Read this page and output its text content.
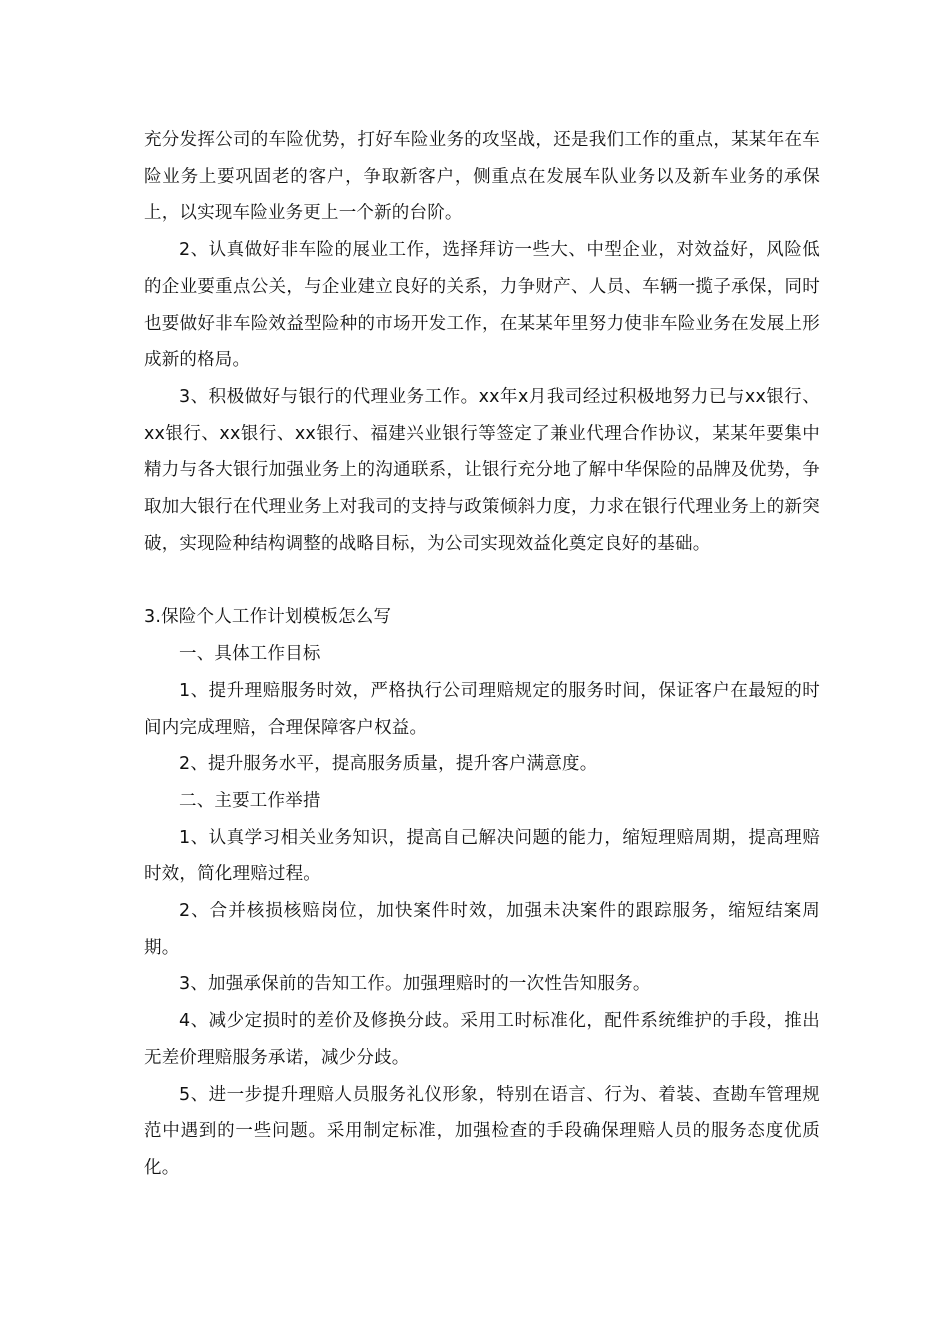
充分发挥公司的车险优势，打好车险业务的攻坚战，还是我们工作的重点，某某年在车险业务上要巩固老的客户，争取新客户，侧重点在发展车队业务以及新车业务的承保上，以实现车险业务更上一个新的台阶。

2、认真做好非车险的展业工作，选择拜访一些大、中型企业，对效益好，风险低的企业要重点公关，与企业建立良好的关系，力争财产、人员、车辆一揽子承保，同时也要做好非车险效益型险种的市场开发工作，在某某年里努力使非车险业务在发展上形成新的格局。

3、积极做好与银行的代理业务工作。xx年x月我司经过积极地努力已与xx银行、xx银行、xx银行、xx银行、福建兴业银行等签定了兼业代理合作协议，某某年要集中精力与各大银行加强业务上的沟通联系，让银行充分地了解中华保险的品牌及优势，争取加大银行在代理业务上对我司的支持与政策倾斜力度，力求在银行代理业务上的新突破，实现险种结构调整的战略目标，为公司实现效益化奠定良好的基础。

3.保险个人工作计划模板怎么写

一、具体工作目标

1、提升理赔服务时效，严格执行公司理赔规定的服务时间，保证客户在最短的时间内完成理赔，合理保障客户权益。

2、提升服务水平，提高服务质量，提升客户满意度。

二、主要工作举措

1、认真学习相关业务知识，提高自己解决问题的能力，缩短理赔周期，提高理赔时效，简化理赔过程。

2、合并核损核赔岗位，加快案件时效，加强未决案件的跟踪服务，缩短结案周期。

3、加强承保前的告知工作。加强理赔时的一次性告知服务。

4、减少定损时的差价及修换分歧。采用工时标准化，配件系统维护的手段，推出无差价理赔服务承诺，减少分歧。

5、进一步提升理赔人员服务礼仪形象，特别在语言、行为、着装、查勘车管理规范中遇到的一些问题。采用制定标准，加强检查的手段确保理赔人员的服务态度优质化。
